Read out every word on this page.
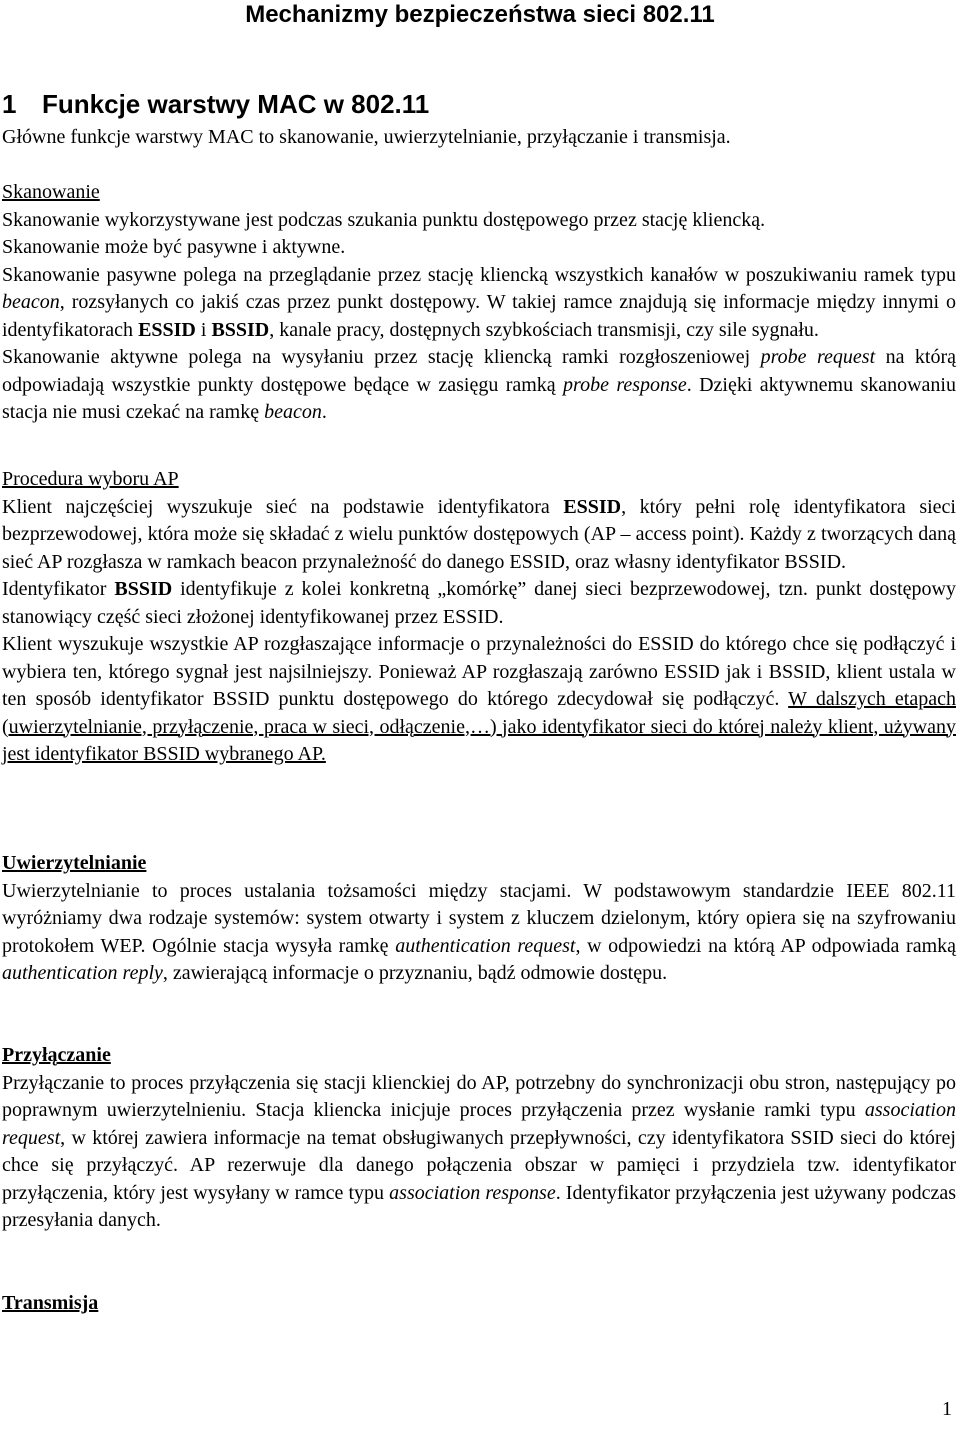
Mechanizmy bezpieczeństwa sieci 802.11
1 Funkcje warstwy MAC w 802.11

Główne funkcje warstwy MAC to skanowanie, uwierzytelnianie, przyłączanie i transmisja.

Skanowanie
Skanowanie wykorzystywane jest podczas szukania punktu dostępowego przez stację kliencką.
Skanowanie może być pasywne i aktywne.
Skanowanie pasywne polega na przeglądanie przez stację kliencką wszystkich kanałów w poszukiwaniu ramek typu beacon, rozsyłanych co jakiś czas przez punkt dostępowy. W takiej ramce znajdują się informacje między innymi o identyfikatorach ESSID i BSSID, kanale pracy, dostępnych szybkościach transmisji, czy sile sygnału.
Skanowanie aktywne polega na wysyłaniu przez stację kliencką ramki rozgłoszeniowej probe request na którą odpowiadają wszystkie punkty dostępowe będące w zasięgu ramką probe response. Dzięki aktywnemu skanowaniu stacja nie musi czekać na ramkę beacon.
Procedura wyboru AP
Klient najczęściej wyszukuje sieć na podstawie identyfikatora ESSID, który pełni rolę identyfikatora sieci bezprzewodowej, która może się składać z wielu punktów dostępowych (AP – access point). Każdy z tworzących daną sieć AP rozgłasza w ramkach beacon przynależność do danego ESSID, oraz własny identyfikator BSSID.
Identyfikator BSSID identyfikuje z kolei konkretną „komórkę” danej sieci bezprzewodowej, tzn. punkt dostępowy stanowiący część sieci złożonej identyfikowanej przez ESSID.
Klient wyszukuje wszystkie AP rozgłaszające informacje o przynależności do ESSID do którego chce się podłączyć i wybiera ten, którego sygnał jest najsilniejszy. Ponieważ AP rozgłaszają zarówno ESSID jak i BSSID, klient ustala w ten sposób identyfikator BSSID punktu dostępowego do którego zdecydował się podłączyć. W dalszych etapach (uwierzytelnianie, przyłączenie, praca w sieci, odłączenie,…) jako identyfikator sieci do której należy klient, używany jest identyfikator BSSID wybranego AP.
Uwierzytelnianie
Uwierzytelnianie to proces ustalania tożsamości między stacjami. W podstawowym standardzie IEEE 802.11 wyróżniamy dwa rodzaje systemów: system otwarty i system z kluczem dzielonym, który opiera się na szyfrowaniu protokołem WEP. Ogólnie stacja wysyła ramkę authentication request, w odpowiedzi na którą AP odpowiada ramką authentication reply, zawierającą informacje o przyznaniu, bądź odmowie dostępu.
Przyłączanie
Przyłączanie to proces przyłączenia się stacji klienckiej do AP, potrzebny do synchronizacji obu stron, następujący po poprawnym uwierzytelnieniu. Stacja kliencka inicjuje proces przyłączenia przez wysłanie ramki typu association request, w której zawiera informacje na temat obsługiwanych przepływności, czy identyfikatora SSID sieci do której chce się przyłączyć. AP rezerwuje dla danego połączenia obszar w pamięci i przydziela tzw. identyfikator przyłączenia, który jest wysyłany w ramce typu association response. Identyfikator przyłączenia jest używany podczas przesyłania danych.
Transmisja

1
